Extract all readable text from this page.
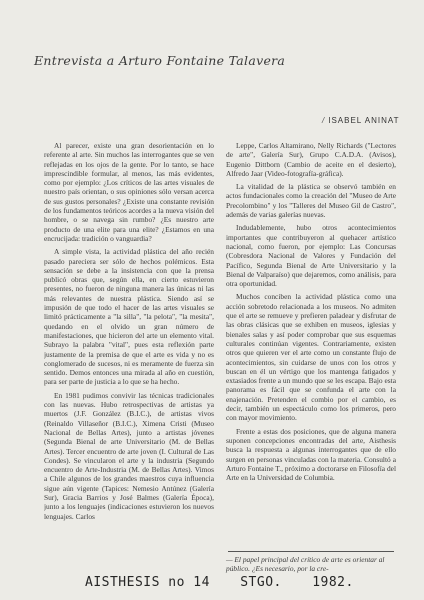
Entrevista a Arturo Fontaine Talavera
/ ISABEL ANINAT

Al parecer, existe una gran desorientación en lo referente al arte. Sin muchos las interrogantes que se ven reflejadas en los ojos de la gente. Por lo tanto, se hace imprescindible formular, al menos, las más evidentes, como por ejemplo: ¿Los críticos de las artes visuales de nuestro país orientan, o sus opiniones sólo versan acerca de sus gustos personales? ¿Existe una constante revisión de los fundamentos teóricos acordes a la nueva visión del hombre, o se navega sin rumbo? ¿Es nuestro arte producto de una elite para una elite? ¿Estamos en una encrucijada: tradición o vanguardia?

A simple vista, la actividad plástica del año recién pasado pareciera ser sólo de hechos polémicos. Esta sensación se debe a la insistencia con que la prensa publicó obras que, según ella, en cierto estuvieron presentes, no fueron de ninguna manera las únicas ni las más relevantes de nuestra plástica. Siendo así se impusión de que todo el hacer de las artes visuales se limitó prácticamente a "la silla", "la pelota", "la mesita", quedando en el olvido un gran número de manifestaciones, que hicieron del arte un elemento vital. Subrayo la palabra "vital", pues esta reflexión parte justamente de la premisa de que el arte es vida y no es conglomerado de sucesos, ni es meramente de fuerza sin sentido. Demos entonces una mirada al año en cuestión, para ser parte de justicia a lo que se ha hecho.

En 1981 pudimos convivir las técnicas tradicionales con las nuevas. Hubo retrospectivas de artistas ya muertos (J.F. González (B.I.C.), de artistas vivos (Reinaldo Villaseñor (B.I.C.), Ximena Cristi (Museo Nacional de Bellas Artes), junto a artistas jóvenes (Segunda Bienal de arte Universitario (M. de Bellas Artes). Tercer encuentro de arte joven (I. Cultural de Las Condes). Se vincularon el arte y la industria (Segundo encuentro de Arte-Industria (M. de Bellas Artes). Vimos a Chile algunos de los grandes maestros cuya influencia sigue aún vigente (Tapices: Nemesio Antúnez (Galería Sur), Gracia Barrios y José Balmes (Galería Época), junto a los lenguajes (indicaciones estuvieron los nuevos lenguajes. Carlos

Leppe, Carlos Altamirano, Nelly Richards ("Lectores de arte", Galería Sur), Grupo C.A.D.A. (Avisos), Eugenio Dittborn (Cambio de aceite en el desierto), Alfredo Jaar (Video-fotografía-gráfica).

La vitalidad de la plástica se observó también en actos fundacionales como la creación del "Museo de Arte Precolombino" y los "Talleres del Museo Gil de Castro", además de varias galerías nuevas.

Indudablemente, hubo otros acontecimientos importantes que contribuyeron al quehacer artístico nacional, como fueron, por ejemplo: Las Concursas (Cobresdora Nacional de Valores y Fundación del Pacífico, Segunda Bienal de Arte Universitario y la Bienal de Valparaíso) que dejaremos, como análisis, para otra oportunidad.

Muchos conciben la actividad plástica como una acción sobretodo relacionada a los museos. No admiten que el arte se remueve y prefieren paladear y disfrutar de las obras clásicas que se exhiben en museos, iglesias y bienales salas y así poder comprobar que sus esquemas culturales continúan vigentes. Contrariamente, existen otros que quieren ver el arte como un constante flujo de acontecimientos, sin cuidarse de unos con los otros y buscan en él un vértigo que los mantenga fatigados y extasiados frente a un mundo que se les escapa. Bajo esta panorama es fácil que se confunda el arte con la enajenación. Pretenden el combio por el cambio, es decir, también un espectáculo como los primeros, pero con mayor movimiento.

Frente a estas dos posiciones, que de alguna manera suponen concepciones encontradas del arte, Aisthesis busca la respuesta a algunas interrogantes que de ello surgen en personas vinculadas con la materia. Consultó a Arturo Fontaine T., próximo a doctorarse en Filosofía del Arte en la Universidad de Columbia.

— El papel principal del crítico de arte es orientar al público. ¿Es necesario, por la cre-
AISTHESIS no 14 STGO. 1982.
